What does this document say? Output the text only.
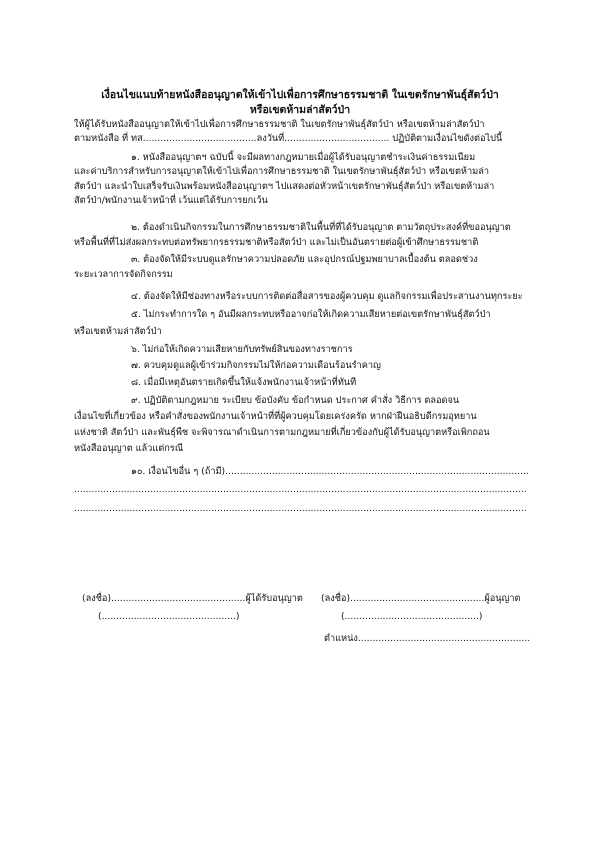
เงื่อนไขแนบท้ายหนังสืออนุญาตให้เข้าไปเพื่อการศึกษาธรรมชาติ ในเขตรักษาพันธุ์สัตว์ป่า
หรือเขตห้ามล่าสัตว์ป่า
ให้ผู้ได้รับหนังสืออนุญาตให้เข้าไปเพื่อการศึกษาธรรมชาติ ในเขตรักษาพันธุ์สัตว์ป่า หรือเขตห้ามล่าสัตว์ป่า
ตามหนังสือ ที่ ทส.......................................ลงวันที่.................................... ปฏิบัติตามเงื่อนไขดังต่อไปนี้
๑. หนังสืออนุญาตฯ ฉบับนี้ จะมีผลทางกฎหมายเมื่อผู้ได้รับอนุญาตชำระเงินค่าธรรมเนียม
และค่าบริการสำหรับการอนุญาตให้เข้าไปเพื่อการศึกษาธรรมชาติ ในเขตรักษาพันธุ์สัตว์ป่า หรือเขตห้ามล่า
สัตว์ป่า และนำใบเสร็จรับเงินพร้อมหนังสืออนุญาตฯ ไปแสดงต่อหัวหน้าเขตรักษาพันธุ์สัตว์ป่า หรือเขตห้ามล่า
สัตว์ป่า/พนักงานเจ้าหน้าที่ เว้นแต่ได้รับการยกเว้น
๒. ต้องดำเนินกิจกรรมในการศึกษาธรรมชาติในพื้นที่ที่ได้รับอนุญาต ตามวัตถุประสงค์ที่ขออนุญาต
หรือพื้นที่ที่ไม่ส่งผลกระทบต่อทรัพยากรธรรมชาติหรือสัตว์ป่า และไม่เป็นอันตรายต่อผู้เข้าศึกษาธรรมชาติ
๓. ต้องจัดให้มีระบบดูแลรักษาความปลอดภัย และอุปกรณ์ปฐมพยาบาลเบื้องต้น ตลอดช่วง
ระยะเวลาการจัดกิจกรรม
๔. ต้องจัดให้มีช่องทางหรือระบบการติดต่อสื่อสารของผู้ควบคุม ดูแลกิจกรรมเพื่อประสานงานทุกระยะ
๕. ไม่กระทำการใด ๆ อันมีผลกระทบหรืออาจก่อให้เกิดความเสียหายต่อเขตรักษาพันธุ์สัตว์ป่า
หรือเขตห้ามล่าสัตว์ป่า
๖. ไม่ก่อให้เกิดความเสียหายกับทรัพย์สินของทางราชการ
๗. ควบคุมดูแลผู้เข้าร่วมกิจกรรมไม่ให้ก่อความเดือนร้อนรำคาญ
๘. เมื่อมีเหตุอันตรายเกิดขึ้นให้แจ้งพนักงานเจ้าหน้าที่ทันที
๙. ปฏิบัติตามกฎหมาย ระเบียบ ข้อบังคับ ข้อกำหนด ประกาศ คำสั่ง วิธีการ ตลอดจน
เงื่อนไขที่เกี่ยวข้อง หรือคำสั่งของพนักงานเจ้าหน้าที่ที่ผู้ควบคุมโดยเคร่งครัด หากฝ่าฝืนอธิบดีกรมอุทยาน
แห่งชาติ สัตว์ป่า และพันธุ์พืช จะพิจารณาดำเนินการตามกฎหมายที่เกี่ยวข้องกับผู้ได้รับอนุญาตหรือเพิกถอน
หนังสืออนุญาต แล้วแต่กรณี
๑๐. เงื่อนไขอื่น ๆ (ถ้ามี)........................................................................................................
...........................................................................................................................................................
...........................................................................................................................................................
(ลงชื่อ)..............................................ผู้ได้รับอนุญาต
(..............................................)
(ลงชื่อ)..............................................ผู้อนุญาต
(..............................................)
ตำแหน่ง...........................................................
